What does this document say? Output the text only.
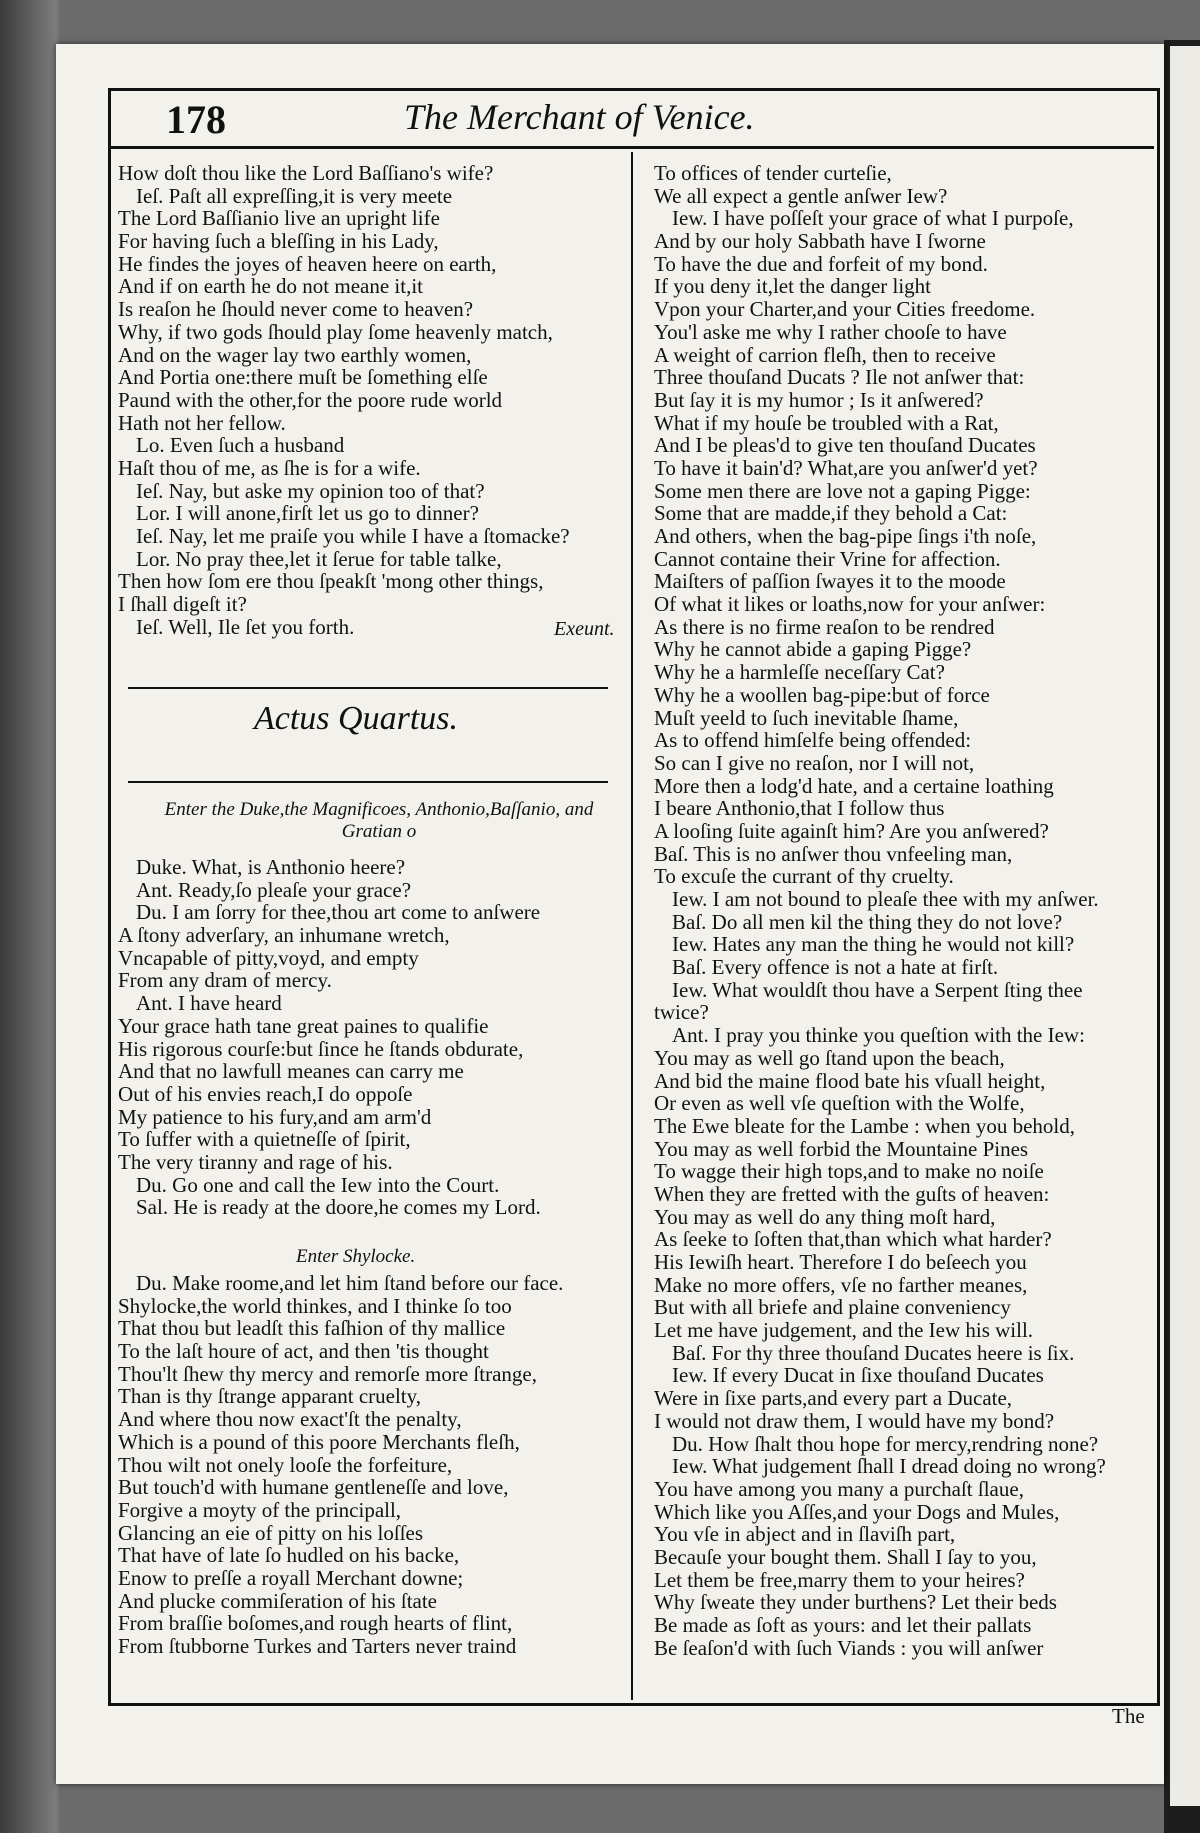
178	The Merchant of Venice.
How doſt thou like the Lord Baſſiano's wife?
Ieſ. Paſt all expreſſing,it is very meete
The Lord Baſſianio live an upright life
For having ſuch a bleſſing in his Lady,
He findes the joyes of heaven heere on earth,
And if on earth he do not meane it,it
Is reaſon he ſhould never come to heaven?
Why, if two gods ſhould play ſome heavenly match,
And on the wager lay two earthly women,
And Portia one:there muſt be ſomething elſe
Paund with the other,for the poore rude world
Hath not her fellow.
Lo. Even ſuch a husband
Haſt thou of me, as ſhe is for a wife.
Ieſ. Nay, but aske my opinion too of that?
Lor. I will anone,firſt let us go to dinner?
Ieſ. Nay, let me praiſe you while I have a ſtomacke?
Lor. No pray thee,let it ſerue for table talke,
Then how ſom ere thou ſpeakſt 'mong other things,
I ſhall digeſt it?
Ieſ. Well, Ile ſet you forth.	Exeunt.
Actus Quartus.
Enter the Duke,the Magnificoes, Anthonio,Baſſanio, and Gratian o
Duke. What, is Anthonio heere?
Ant. Ready,ſo pleaſe your grace?
Du. I am ſorry for thee,thou art come to anſwere
A ſtony adverſary, an inhumane wretch,
Vncapable of pitty,voyd, and empty
From any dram of mercy.
Ant. I have heard
Your grace hath tane great paines to qualifie
His rigorous courſe:but ſince he ſtands obdurate,
And that no lawfull meanes can carry me
Out of his envies reach,I do oppoſe
My patience to his fury,and am arm'd
To ſuffer with a quietneſſe of ſpirit,
The very tiranny and rage of his.
Du. Go one and call the Iew into the Court.
Sal. He is ready at the doore,he comes my Lord.
Enter Shylocke.
Du. Make roome,and let him ſtand before our face.
Shylocke,the world thinkes, and I thinke ſo too
That thou but leadſt this faſhion of thy mallice
To the laſt houre of act, and then 'tis thought
Thou'lt ſhew thy mercy and remorſe more ſtrange,
Than is thy ſtrange apparant cruelty,
And where thou now exact'ſt the penalty,
Which is a pound of this poore Merchants fleſh,
Thou wilt not onely looſe the forfeiture,
But touch'd with humane gentleneſſe and love,
Forgive a moyty of the principall,
Glancing an eie of pitty on his loſſes
That have of late ſo hudled on his backe,
Enow to preſſe a royall Merchant downe;
And plucke commiſeration of his ſtate
From braſſie boſomes,and rough hearts of flint,
From ſtubborne Turkes and Tarters never traind
To offices of tender curteſie,
We all expect a gentle anſwer Iew?
Iew. I have poſſeſt your grace of what I purpoſe,
And by our holy Sabbath have I ſworne
To have the due and forfeit of my bond.
If you deny it,let the danger light
Vpon your Charter,and your Cities freedome.
You'l aske me why I rather chooſe to have
A weight of carrion fleſh, then to receive
Three thouſand Ducats ? Ile not anſwer that:
But ſay it is my humor ; Is it anſwered?
What if my houſe be troubled with a Rat,
And I be pleas'd to give ten thouſand Ducates
To have it bain'd? What,are you anſwer'd yet?
Some men there are love not a gaping Pigge:
Some that are madde,if they behold a Cat:
And others, when the bag-pipe ſings i'th noſe,
Cannot containe their Vrine for affection.
Maiſters of paſſion ſwayes it to the moode
Of what it likes or loaths,now for your anſwer:
As there is no firme reaſon to be rendred
Why he cannot abide a gaping Pigge?
Why he a harmleſſe neceſſary Cat?
Why he a woollen bag-pipe:but of force
Muſt yeeld to ſuch inevitable ſhame,
As to offend himſelfe being offended:
So can I give no reaſon, nor I will not,
More then a lodg'd hate, and a certaine loathing
I beare Anthonio,that I follow thus
A looſing ſuite againſt him? Are you anſwered?
Baſ. This is no anſwer thou vnfeeling man,
To excuſe the currant of thy cruelty.
Iew. I am not bound to pleaſe thee with my anſwer.
Baſ. Do all men kil the thing they do not love?
Iew. Hates any man the thing he would not kill?
Baſ. Every offence is not a hate at firſt.
Iew. What wouldſt thou have a Serpent ſting thee
twice?
Ant. I pray you thinke you queſtion with the Iew:
You may as well go ſtand upon the beach,
And bid the maine flood bate his vſuall height,
Or even as well vſe queſtion with the Wolfe,
The Ewe bleate for the Lambe : when you behold,
You may as well forbid the Mountaine Pines
To wagge their high tops,and to make no noiſe
When they are fretted with the guſts of heaven:
You may as well do any thing moſt hard,
As ſeeke to ſoften that,than which what harder?
His Iewiſh heart. Therefore I do beſeech you
Make no more offers, vſe no farther meanes,
But with all briefe and plaine conveniency
Let me have judgement, and the Iew his will.
Baſ. For thy three thouſand Ducates heere is ſix.
Iew. If every Ducat in ſixe thouſand Ducates
Were in ſixe parts,and every part a Ducate,
I would not draw them, I would have my bond?
Du. How ſhalt thou hope for mercy,rendring none?
Iew. What judgement ſhall I dread doing no wrong?
You have among you many a purchaſt ſlaue,
Which like you Aſſes,and your Dogs and Mules,
You vſe in abject and in ſlaviſh part,
Becauſe your bought them. Shall I ſay to you,
Let them be free,marry them to your heires?
Why ſweate they under burthens? Let their beds
Be made as ſoft as yours: and let their pallats
Be ſeaſon'd with ſuch Viands : you will anſwer
The
